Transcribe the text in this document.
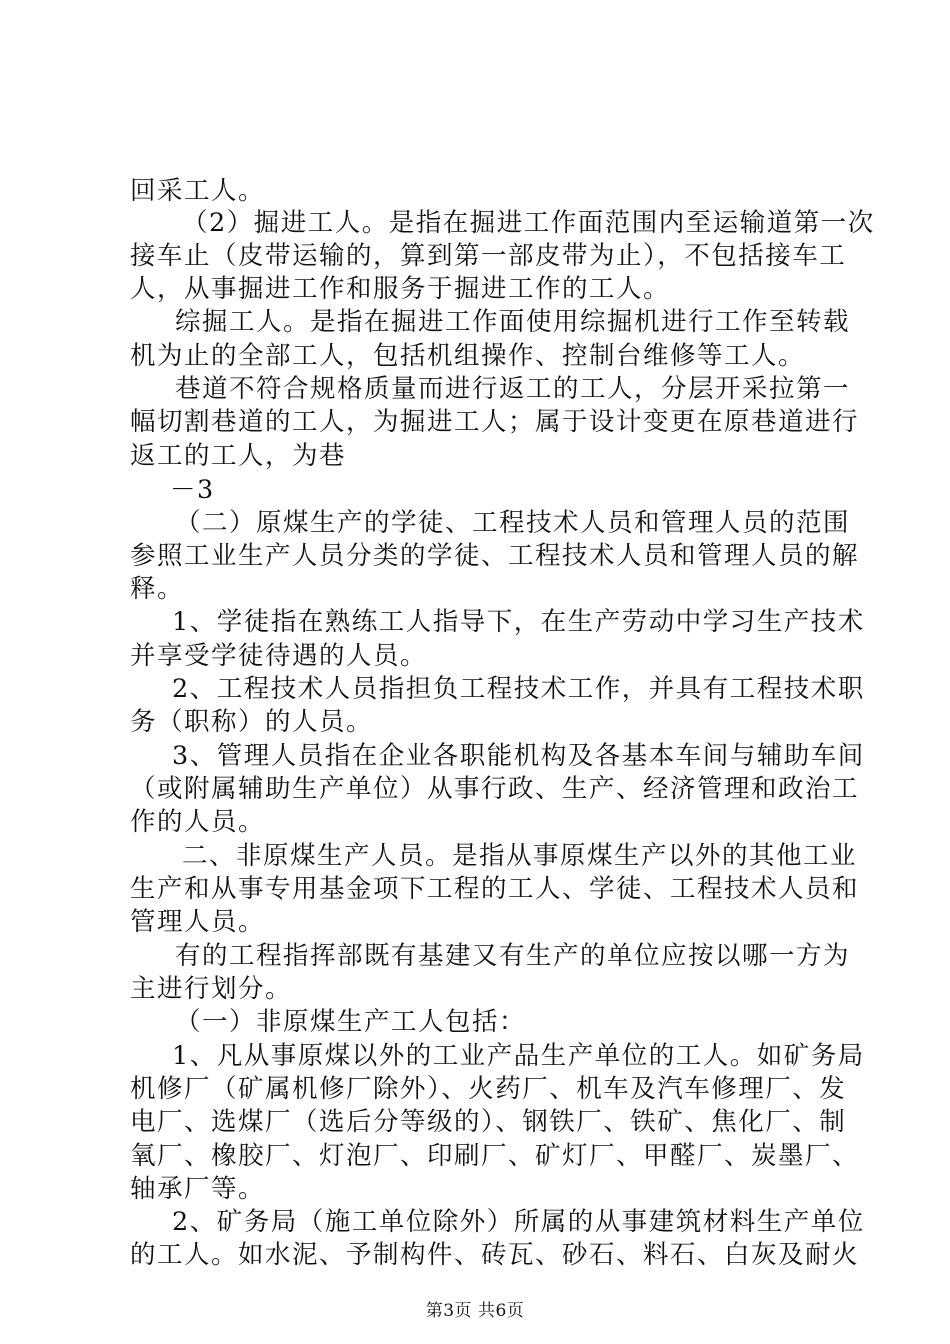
回采工人。
（2）掘进工人。是指在掘进工作面范围内至运输道第一次
接车止（皮带运输的，算到第一部皮带为止），不包括接车工
人，从事掘进工作和服务于掘进工作的工人。
综掘工人。是指在掘进工作面使用综掘机进行工作至转载
机为止的全部工人，包括机组操作、控制台维修等工人。
巷道不符合规格质量而进行返工的工人，分层开采拉第一
幅切割巷道的工人，为掘进工人；属于设计变更在原巷道进行
返工的工人，为巷
－3
（二）原煤生产的学徒、工程技术人员和管理人员的范围
参照工业生产人员分类的学徒、工程技术人员和管理人员的解
释。
1、学徒指在熟练工人指导下，在生产劳动中学习生产技术
并享受学徒待遇的人员。
2、工程技术人员指担负工程技术工作，并具有工程技术职
务（职称）的人员。
3、管理人员指在企业各职能机构及各基本车间与辅助车间
（或附属辅助生产单位）从事行政、生产、经济管理和政治工
作的人员。
二、非原煤生产人员。是指从事原煤生产以外的其他工业
生产和从事专用基金项下工程的工人、学徒、工程技术人员和
管理人员。
有的工程指挥部既有基建又有生产的单位应按以哪一方为
主进行划分。
（一）非原煤生产工人包括：
1、凡从事原煤以外的工业产品生产单位的工人。如矿务局
机修厂（矿属机修厂除外）、火药厂、机车及汽车修理厂、发
电厂、选煤厂（选后分等级的）、钢铁厂、铁矿、焦化厂、制
氧厂、橡胶厂、灯泡厂、印刷厂、矿灯厂、甲醛厂、炭墨厂、
轴承厂等。
2、矿务局（施工单位除外）所属的从事建筑材料生产单位
的工人。如水泥、予制构件、砖瓦、砂石、料石、白灰及耐火
第3页 共6页
